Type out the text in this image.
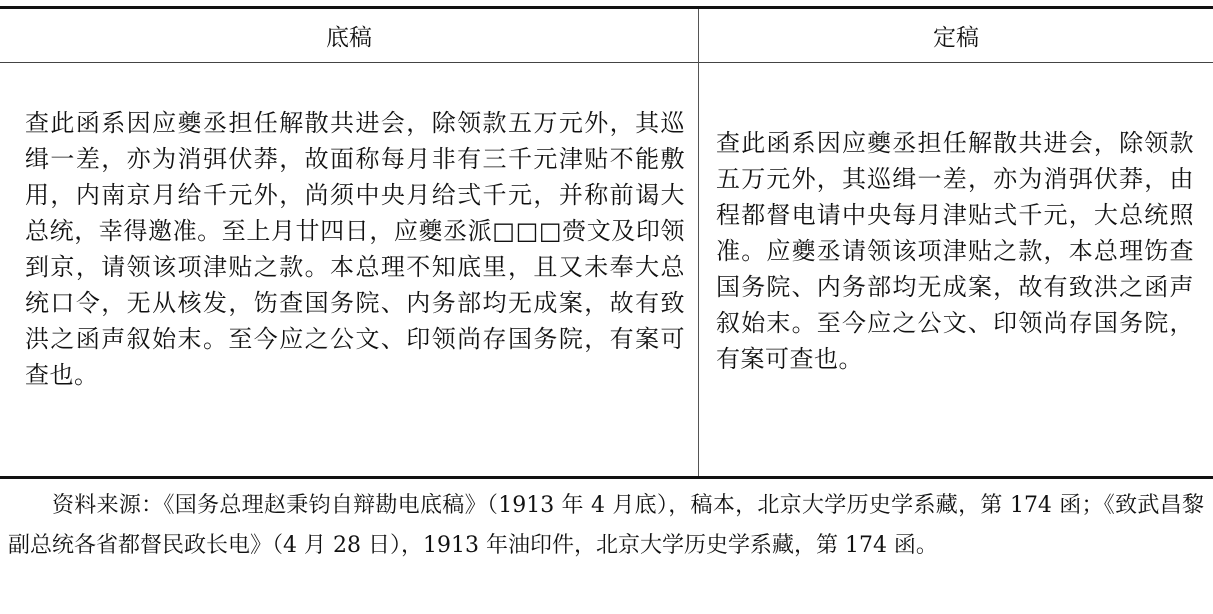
底稿	定稿

查此函系因应夔丞担任解散共进会，除领款五万元外，其巡缉一差，亦为消弭伏莽，故面称每月非有三千元津贴不能敷用，内南京月给千元外，尚须中央月给弍千元，并称前谒大总统，幸得邀准。至上月廿四日，应夔丞派□□□赍文及印领到京，请领该项津贴之款。本总理不知底里，且又未奉大总统口令，无从核发，饬查国务院、内务部均无成案，故有致洪之函声叙始末。至今应之公文、印领尚存国务院，有案可查也。

查此函系因应夔丞担任解散共进会，除领款五万元外，其巡缉一差，亦为消弭伏莽，由程都督电请中央每月津贴弍千元，大总统照准。应夔丞请领该项津贴之款，本总理饬查国务院、内务部均无成案，故有致洪之函声叙始末。至今应之公文、印领尚存国务院，有案可查也。

资料来源：《国务总理赵秉钧自辩勘电底稿》（1913 年 4 月底），稿本，北京大学历史学系藏，第 174 函；《致武昌黎副总统各省都督民政长电》（4 月 28 日），1913 年油印件，北京大学历史学系藏，第 174 函。
